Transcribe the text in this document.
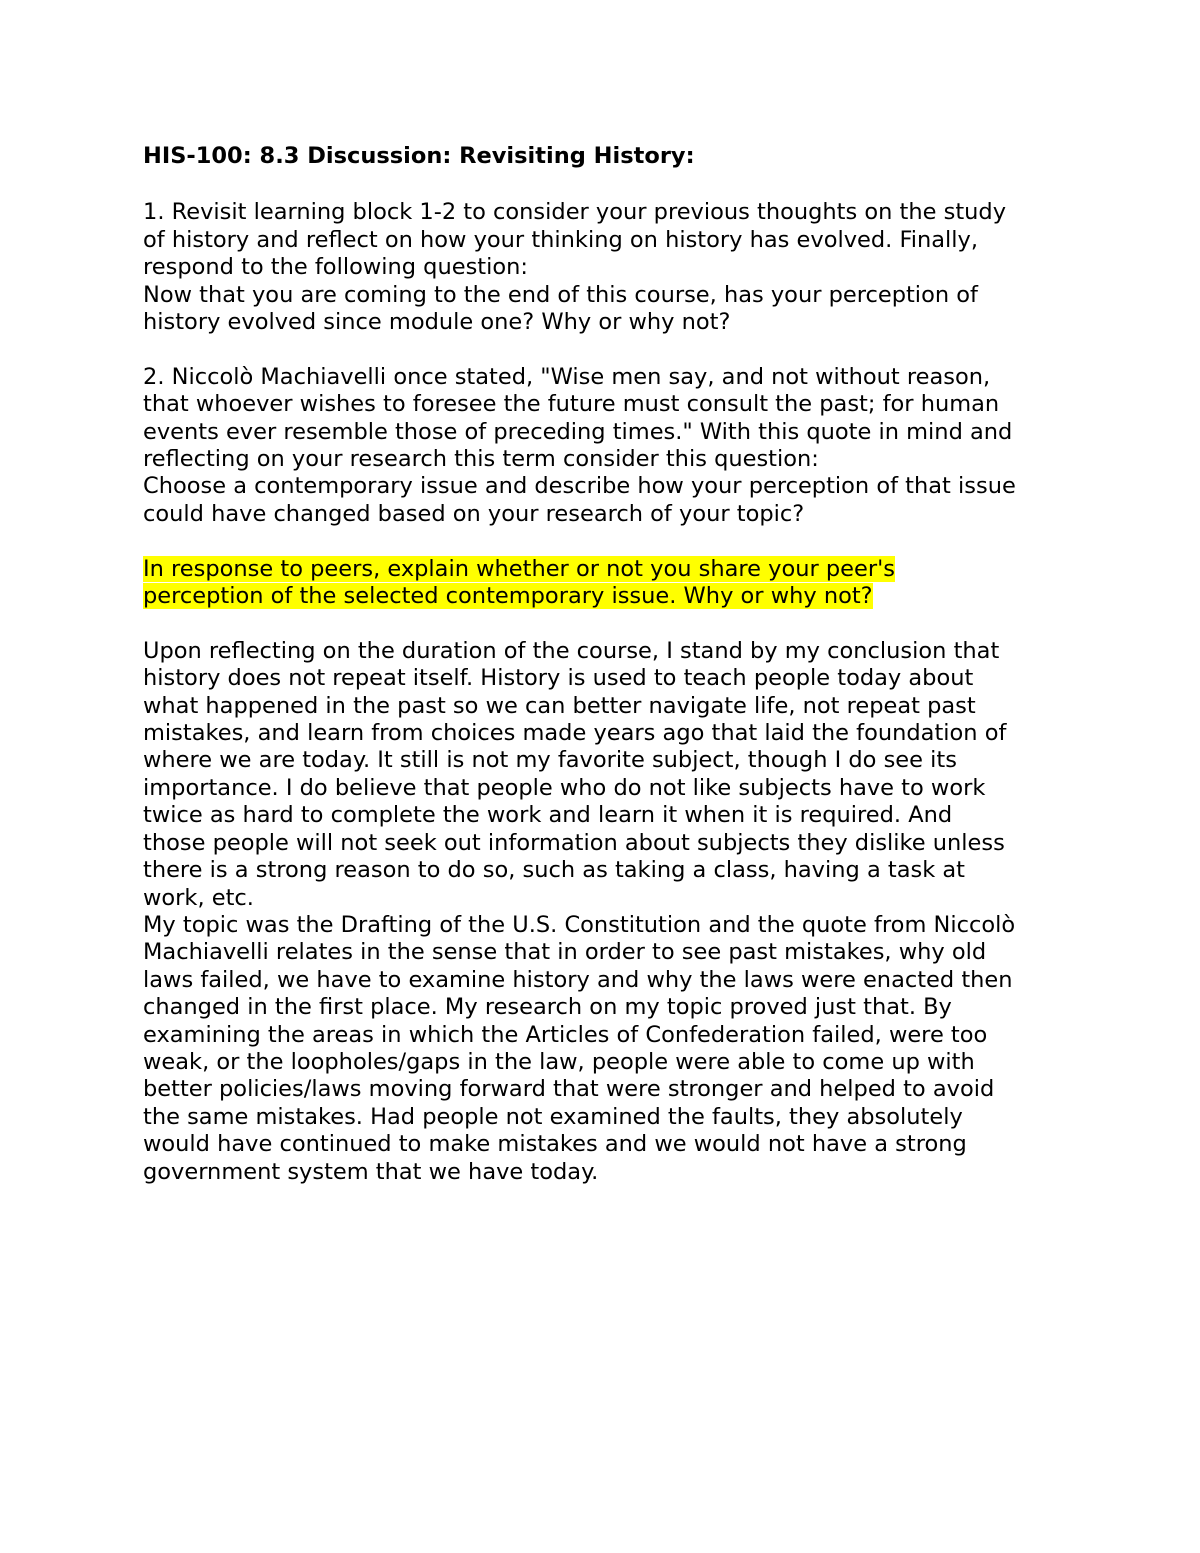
HIS-100: 8.3 Discussion: Revisiting History:
1. Revisit learning block 1-2 to consider your previous thoughts on the study
of history and reflect on how your thinking on history has evolved. Finally,
respond to the following question:
Now that you are coming to the end of this course, has your perception of
history evolved since module one? Why or why not?
2. Niccolò Machiavelli once stated, "Wise men say, and not without reason,
that whoever wishes to foresee the future must consult the past; for human
events ever resemble those of preceding times." With this quote in mind and
reflecting on your research this term consider this question:
Choose a contemporary issue and describe how your perception of that issue
could have changed based on your research of your topic?
In response to peers, explain whether or not you share your peer's
perception of the selected contemporary issue. Why or why not?
Upon reflecting on the duration of the course, I stand by my conclusion that
history does not repeat itself. History is used to teach people today about
what happened in the past so we can better navigate life, not repeat past
mistakes, and learn from choices made years ago that laid the foundation of
where we are today. It still is not my favorite subject, though I do see its
importance. I do believe that people who do not like subjects have to work
twice as hard to complete the work and learn it when it is required. And
those people will not seek out information about subjects they dislike unless
there is a strong reason to do so, such as taking a class, having a task at
work, etc.
My topic was the Drafting of the U.S. Constitution and the quote from Niccolò
Machiavelli relates in the sense that in order to see past mistakes, why old
laws failed, we have to examine history and why the laws were enacted then
changed in the first place. My research on my topic proved just that. By
examining the areas in which the Articles of Confederation failed, were too
weak, or the loopholes/gaps in the law, people were able to come up with
better policies/laws moving forward that were stronger and helped to avoid
the same mistakes. Had people not examined the faults, they absolutely
would have continued to make mistakes and we would not have a strong
government system that we have today.
